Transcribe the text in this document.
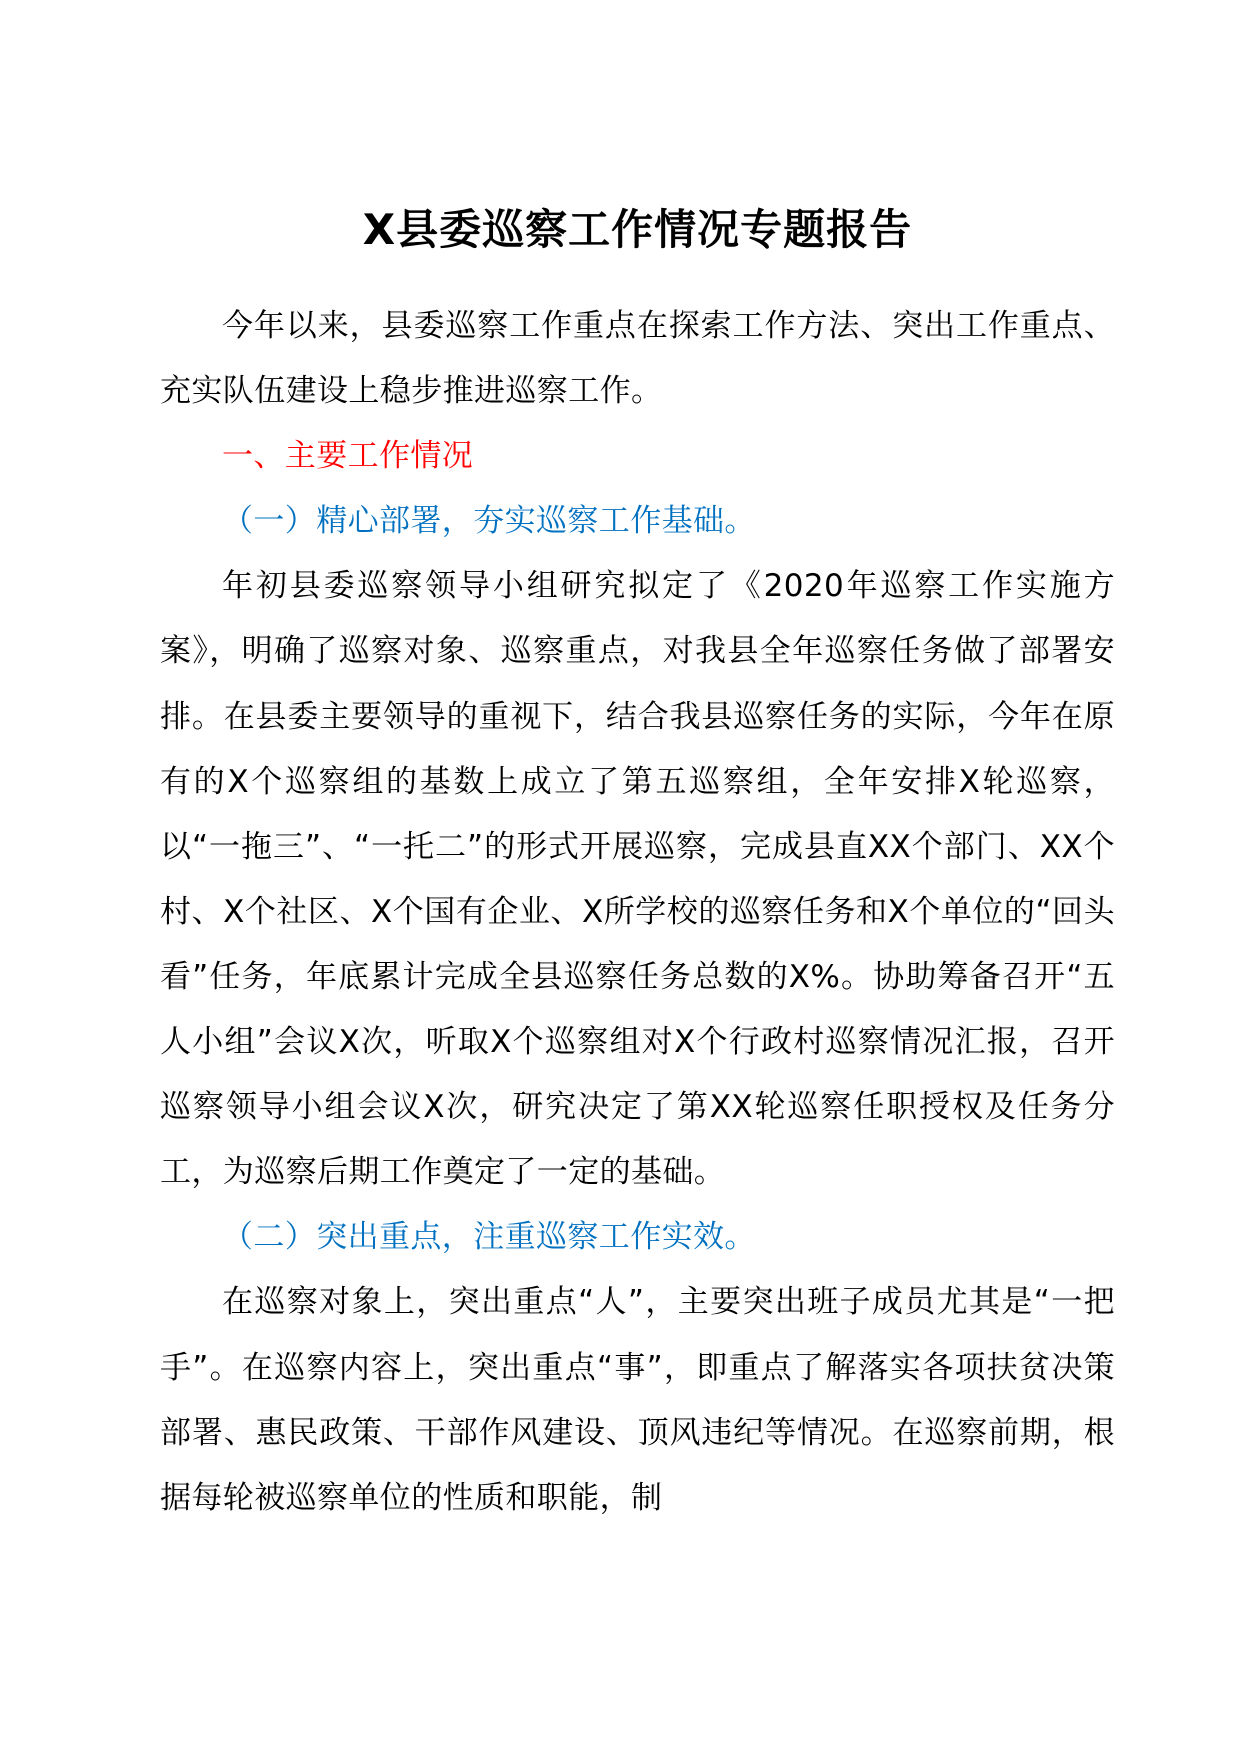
X县委巡察工作情况专题报告

今年以来，县委巡察工作重点在探索工作方法、突出工作重点、充实队伍建设上稳步推进巡察工作。

一、主要工作情况

（一）精心部署，夯实巡察工作基础。

年初县委巡察领导小组研究拟定了《2020年巡察工作实施方案》，明确了巡察对象、巡察重点，对我县全年巡察任务做了部署安排。在县委主要领导的重视下，结合我县巡察任务的实际，今年在原有的X个巡察组的基数上成立了第五巡察组，全年安排X轮巡察，以“一拖三”、“一托二”的形式开展巡察，完成县直XX个部门、XX个村、X个社区、X个国有企业、X所学校的巡察任务和X个单位的“回头看”任务，年底累计完成全县巡察任务总数的X%。协助筹备召开“五人小组”会议X次，听取X个巡察组对X个行政村巡察情况汇报，召开巡察领导小组会议X次，研究决定了第XX轮巡察任职授权及任务分工，为巡察后期工作奠定了一定的基础。

（二）突出重点，注重巡察工作实效。

在巡察对象上，突出重点“人”，主要突出班子成员尤其是“一把手”。在巡察内容上，突出重点“事”，即重点了解落实各项扶贫决策部署、惠民政策、干部作风建设、顶风违纪等情况。在巡察前期，根据每轮被巡察单位的性质和职能，制
